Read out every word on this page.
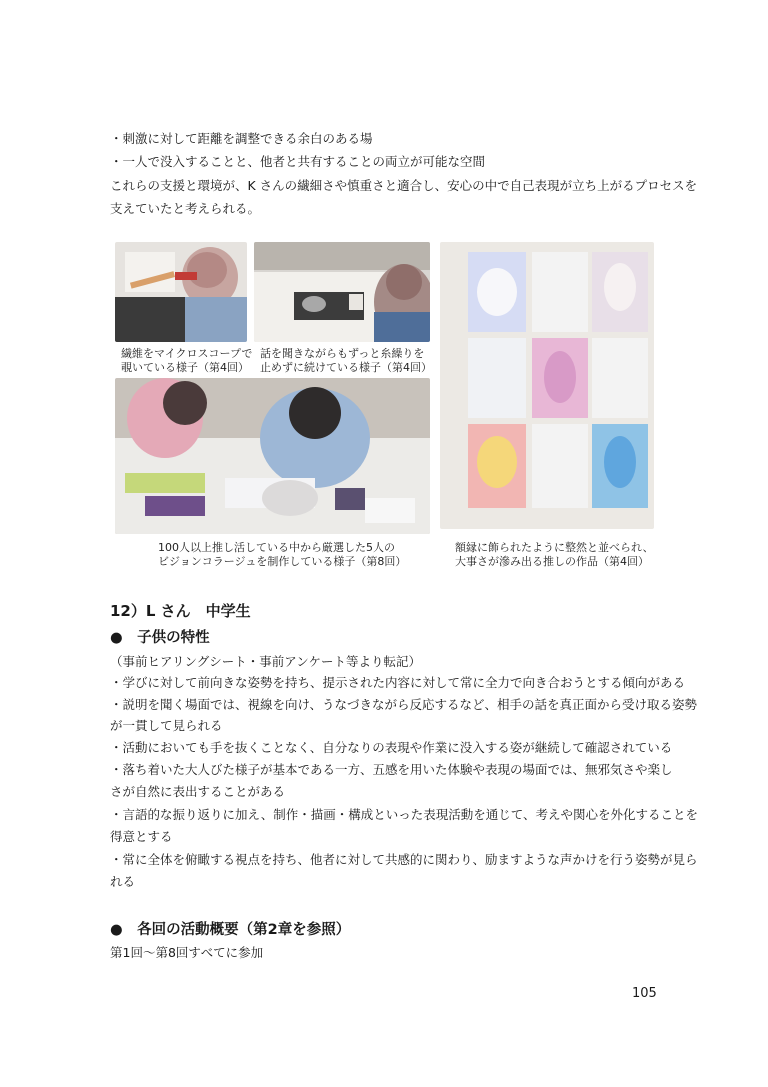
・刺激に対して距離を調整できる余白のある場
・一人で没入することと、他者と共有することの両立が可能な空間
これらの支援と環境が、K さんの繊細さや慎重さと適合し、安心の中で自己表現が立ち上がるプロセスを
支えていたと考えられる。
繊維をマイクロスコープで
覗いている様子（第4回）
話を聞きながらもずっと糸繰りを
止めずに続けている様子（第4回）
100人以上推し活している中から厳選した5人の
ビジョンコラージュを制作している様子（第8回）
額縁に飾られたように整然と並べられ、
大事さが滲み出る推しの作品（第4回）
12）L さん　中学生
●　子供の特性
（事前ヒアリングシート・事前アンケート等より転記）
・学びに対して前向きな姿勢を持ち、提示された内容に対して常に全力で向き合おうとする傾向がある
・説明を聞く場面では、視線を向け、うなづきながら反応するなど、相手の話を真正面から受け取る姿勢
が一貫して見られる
・活動においても手を抜くことなく、自分なりの表現や作業に没入する姿が継続して確認されている
・落ち着いた大人びた様子が基本である一方、五感を用いた体験や表現の場面では、無邪気さや楽し
さが自然に表出することがある
・言語的な振り返りに加え、制作・描画・構成といった表現活動を通じて、考えや関心を外化することを
得意とする
・常に全体を俯瞰する視点を持ち、他者に対して共感的に関わり、励ますような声かけを行う姿勢が見ら
れる
●　各回の活動概要（第2章を参照）
第1回～第8回すべてに参加
105
